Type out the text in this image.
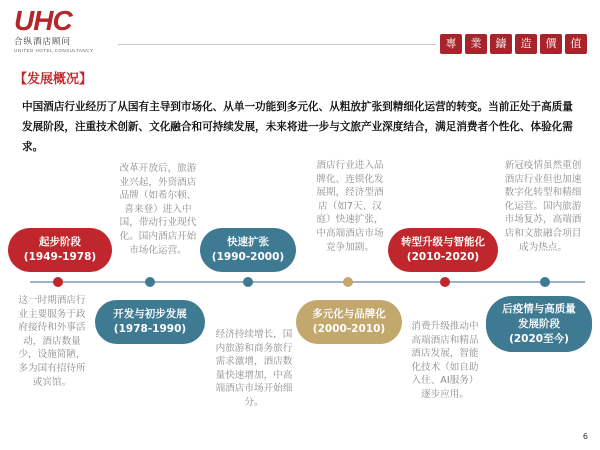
UHC
合纵酒店顾问
UNITED HOTEL CONSULTANCY
專	業	鑄	造	價	值
【发展概况】
中国酒店行业经历了从国有主导到市场化、从单一功能到多元化、从粗放扩张到精细化运营的转变。当前正处于高质量发展阶段，注重技术创新、文化融合和可持续发展，未来将进一步与文旅产业深度结合，满足消费者个性化、体验化需求。
起步阶段
(1949-1978)
开发与初步发展
(1978-1990)
快速扩张
(1990-2000)
多元化与品牌化
(2000-2010)
转型升级与智能化
(2010-2020)
后疫情与高质量发展阶段
(2020至今)
这一时期酒店行业主要服务于政府接待和外事活动，酒店数量少，设施简陋，多为国有招待所或宾馆。
改革开放后，旅游业兴起，外资酒店品牌（如希尔顿、喜来登）进入中国，带动行业现代化。国内酒店开始市场化运营。
经济持续增长，国内旅游和商务旅行需求激增，酒店数量快速增加，中高端酒店市场开始细分。
酒店行业进入品牌化、连锁化发展期，经济型酒店（如7天、汉庭）快速扩张，中高端酒店市场竞争加剧。
消费升级推动中高端酒店和精品酒店发展，智能化技术（如自助入住、AI服务）逐步应用。
新冠疫情虽然重创酒店行业但也加速数字化转型和精细化运营。国内旅游市场复苏，高端酒店和文旅融合项目成为热点。
6
